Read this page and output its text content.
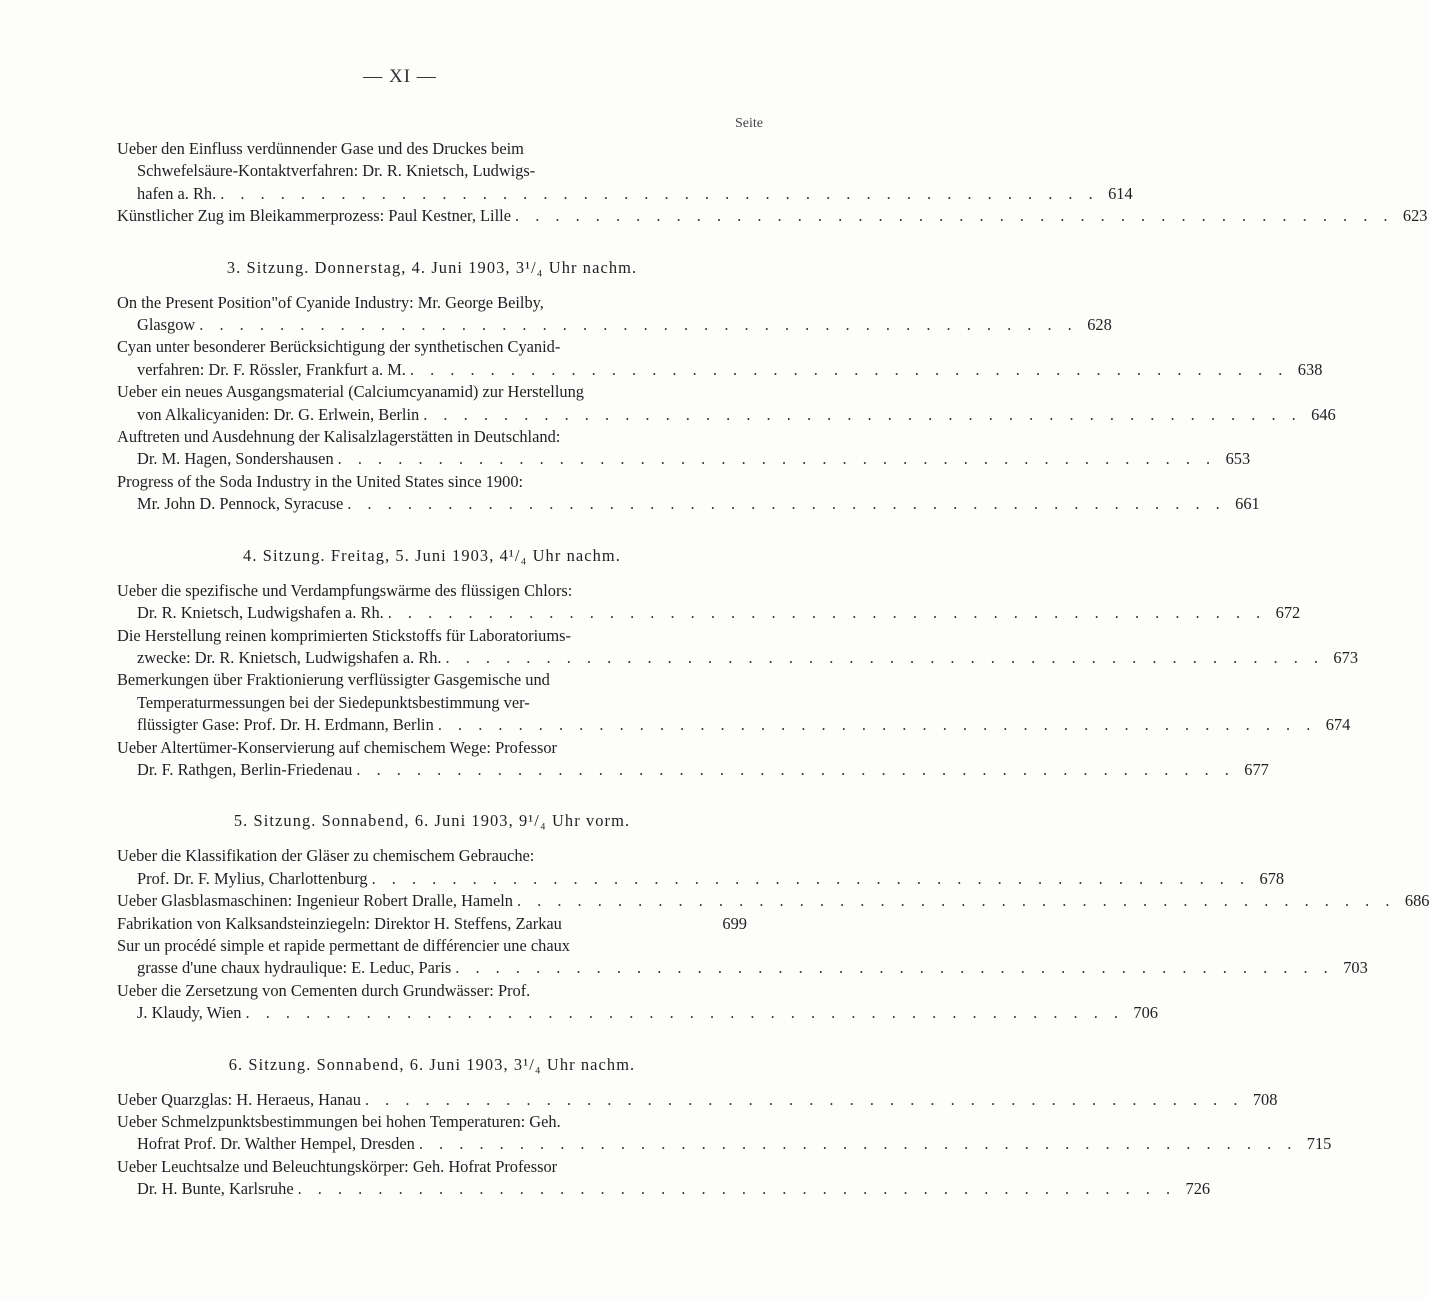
— XI —
Seite
Ueber den Einfluss verdünnender Gase und des Druckes beim
Schwefelsäure-Kontaktverfahren: Dr. R. Knietsch, Ludwigs-
hafen a. Rh. . . . . . . . . . . . . . . . . . . . . . . . . . . . . . . . . . . . . . . . . . . . . 614
Künstlicher Zug im Bleikammerprozess: Paul Kestner, Lille . . . . . . . . . . . . . . . . . . . . . . . . . . . . . . . . . . . . . . . . . . . . 623
3. Sitzung. Donnerstag, 4. Juni 1903, 3¹/₄ Uhr nachm.
On the Present Position"of Cyanide Industry: Mr. George Beilby,
Glasgow . . . . . . . . . . . . . . . . . . . . . . . . . . . . . . . . . . . . . . . . . . . . 628
Cyan unter besonderer Berücksichtigung der synthetischen Cyanid-
verfahren: Dr. F. Rössler, Frankfurt a. M. . . . . . . . . . . . . . . . . . . . . . . . . . . . . . . . . . . . . . . . . . . . . 638
Ueber ein neues Ausgangsmaterial (Calciumcyanamid) zur Herstellung
von Alkalicyaniden: Dr. G. Erlwein, Berlin . . . . . . . . . . . . . . . . . . . . . . . . . . . . . . . . . . . . . . . . . . . . 646
Auftreten und Ausdehnung der Kalisalzlagerstätten in Deutschland:
Dr. M. Hagen, Sondershausen . . . . . . . . . . . . . . . . . . . . . . . . . . . . . . . . . . . . . . . . . . . . 653
Progress of the Soda Industry in the United States since 1900:
Mr. John D. Pennock, Syracuse . . . . . . . . . . . . . . . . . . . . . . . . . . . . . . . . . . . . . . . . . . . . 661
4. Sitzung. Freitag, 5. Juni 1903, 4¹/₄ Uhr nachm.
Ueber die spezifische und Verdampfungswärme des flüssigen Chlors:
Dr. R. Knietsch, Ludwigshafen a. Rh. . . . . . . . . . . . . . . . . . . . . . . . . . . . . . . . . . . . . . . . . . . . . 672
Die Herstellung reinen komprimierten Stickstoffs für Laboratoriums-
zwecke: Dr. R. Knietsch, Ludwigshafen a. Rh. . . . . . . . . . . . . . . . . . . . . . . . . . . . . . . . . . . . . . . . . . . . . 673
Bemerkungen über Fraktionierung verflüssigter Gasgemische und
Temperaturmessungen bei der Siedepunktsbestimmung ver-
flüssigter Gase: Prof. Dr. H. Erdmann, Berlin . . . . . . . . . . . . . . . . . . . . . . . . . . . . . . . . . . . . . . . . . . . . 674
Ueber Altertümer-Konservierung auf chemischem Wege: Professor
Dr. F. Rathgen, Berlin-Friedenau . . . . . . . . . . . . . . . . . . . . . . . . . . . . . . . . . . . . . . . . . . . . 677
5. Sitzung. Sonnabend, 6. Juni 1903, 9¹/₄ Uhr vorm.
Ueber die Klassifikation der Gläser zu chemischem Gebrauche:
Prof. Dr. F. Mylius, Charlottenburg . . . . . . . . . . . . . . . . . . . . . . . . . . . . . . . . . . . . . . . . . . . . 678
Ueber Glasblasmaschinen: Ingenieur Robert Dralle, Hameln . . . . . . . . . . . . . . . . . . . . . . . . . . . . . . . . . . . . . . . . . . . . 686
Fabrikation von Kalksandsteinziegeln: Direktor H. Steffens, Zarkau	699
Sur un procédé simple et rapide permettant de différencier une chaux
grasse d'une chaux hydraulique: E. Leduc, Paris . . . . . . . . . . . . . . . . . . . . . . . . . . . . . . . . . . . . . . . . . . . . 703
Ueber die Zersetzung von Cementen durch Grundwässer: Prof.
J. Klaudy, Wien . . . . . . . . . . . . . . . . . . . . . . . . . . . . . . . . . . . . . . . . . . . . 706
6. Sitzung. Sonnabend, 6. Juni 1903, 3¹/₄ Uhr nachm.
Ueber Quarzglas: H. Heraeus, Hanau . . . . . . . . . . . . . . . . . . . . . . . . . . . . . . . . . . . . . . . . . . . . 708
Ueber Schmelzpunktsbestimmungen bei hohen Temperaturen: Geh.
Hofrat Prof. Dr. Walther Hempel, Dresden . . . . . . . . . . . . . . . . . . . . . . . . . . . . . . . . . . . . . . . . . . . . 715
Ueber Leuchtsalze und Beleuchtungskörper: Geh. Hofrat Professor
Dr. H. Bunte, Karlsruhe . . . . . . . . . . . . . . . . . . . . . . . . . . . . . . . . . . . . . . . . . . . . 726
